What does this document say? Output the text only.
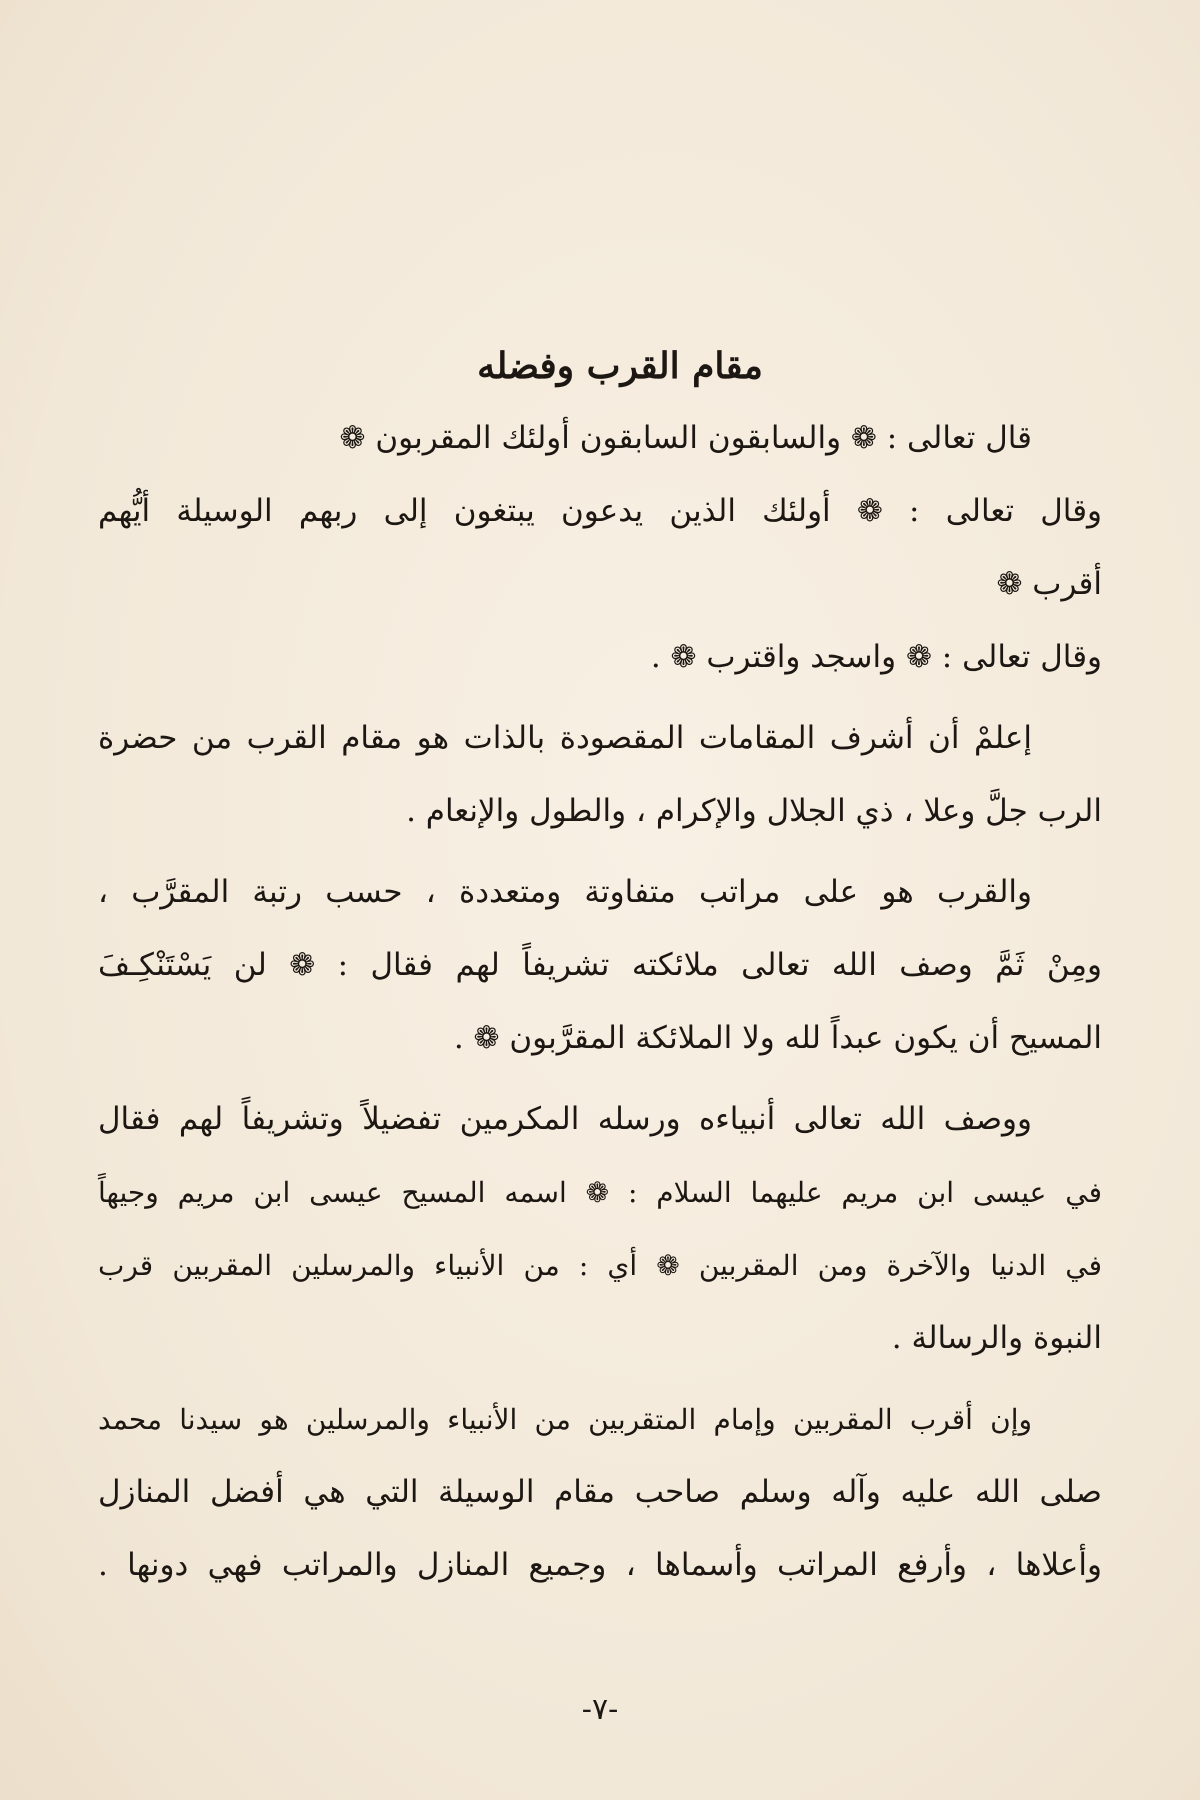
مقام القرب وفضله

قال تعالى : ❁ والسابقون السابقون أولئك المقربون ❁

وقال تعالى : ❁ أولئك الذين يدعون يبتغون إلى ربهم الوسيلة أيُّهم

أقرب ❁

وقال تعالى : ❁ واسجد واقترب ❁ .

إعلمْ أن أشرف المقامات المقصودة بالذات هو مقام القرب من حضرة

الرب جلَّ وعلا ، ذي الجلال والإكرام ، والطول والإنعام .

والقرب هو على مراتب متفاوتة ومتعددة ، حسب رتبة المقرَّب ،

ومِنْ ثَمَّ وصف الله تعالى ملائكته تشريفاً لهم فقال : ❁ لن يَسْتَنْكِـفَ

المسيح أن يكون عبداً لله ولا الملائكة المقرَّبون ❁ .

ووصف الله تعالى أنبياءه ورسله المكرمين تفضيلاً وتشريفاً لهم فقال

في عيسى ابن مريم عليهما السلام : ❁ اسمه المسيح عيسى ابن مريم وجيهاً

في الدنيا والآخرة ومن المقربين ❁ أي : من الأنبياء والمرسلين المقربين قرب

النبوة والرسالة .

وإن أقرب المقربين وإمام المتقربين من الأنبياء والمرسلين هو سيدنا محمد

صلى الله عليه وآله وسلم صاحب مقام الوسيلة التي هي أفضل المنازل

وأعلاها ، وأرفع المراتب وأسماها ، وجميع المنازل والمراتب فهي دونها .

-٧-
